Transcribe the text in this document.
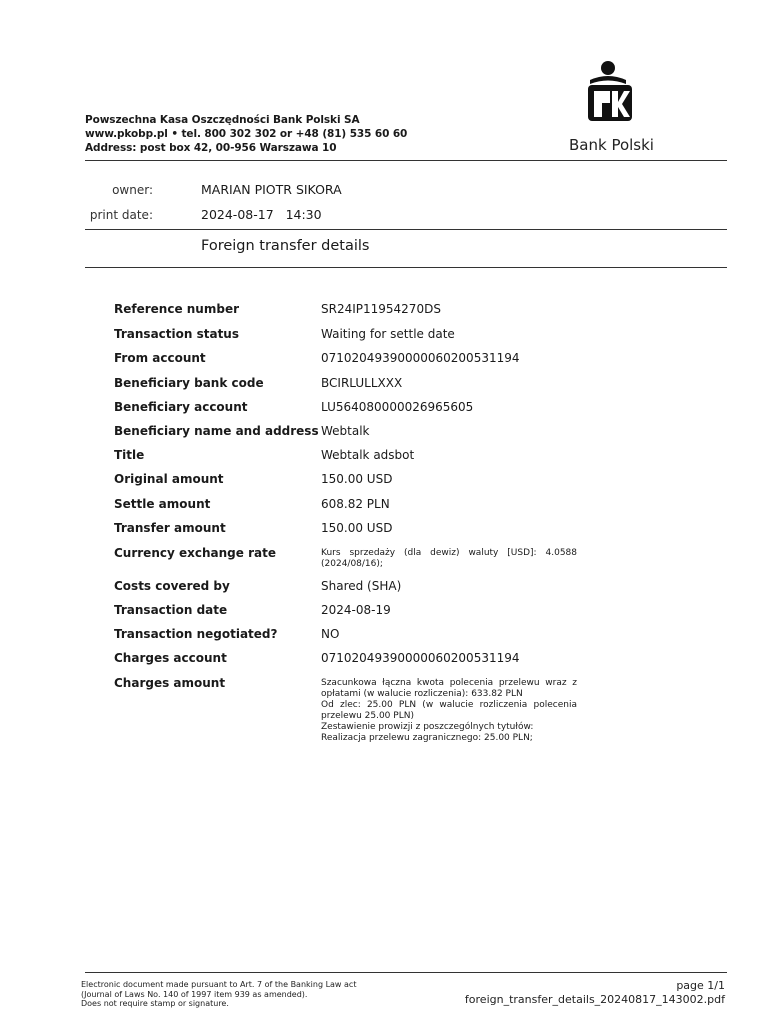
Powszechna Kasa Oszczędności Bank Polski SA
www.pkobp.pl • tel. 800 302 302 or +48 (81) 535 60 60
Address: post box 42, 00-956 Warszawa 10	Bank Polski
owner:	MARIAN PIOTR SIKORA
print date:	2024-08-17   14:30
Foreign transfer details
Reference number	SR24IP11954270DS
Transaction status	Waiting for settle date
From account	07102049390000060200531194
Beneficiary bank code	BCIRLULLXXX
Beneficiary account	LU564080000026965605
Beneficiary name and address Webtalk
Title	Webtalk adsbot
Original amount	150.00 USD
Settle amount	608.82 PLN
Transfer amount	150.00 USD
Currency exchange rate	Kurs sprzedaży (dla dewiz) waluty [USD]: 4.0588 (2024/08/16);
Costs covered by	Shared (SHA)
Transaction date	2024-08-19
Transaction negotiated?	NO
Charges account	07102049390000060200531194
Charges amount	Szacunkowa łączna kwota polecenia przelewu wraz z opłatami (w walucie rozliczenia): 633.82 PLN
Od zlec: 25.00 PLN (w walucie rozliczenia polecenia przelewu 25.00 PLN)
Zestawienie prowizji z poszczególnych tytułów:
Realizacja przelewu zagranicznego: 25.00 PLN;
Electronic document made pursuant to Art. 7 of the Banking Law act
(Journal of Laws No. 140 of 1997 item 939 as amended).
Does not require stamp or signature.
page 1/1
foreign_transfer_details_20240817_143002.pdf
